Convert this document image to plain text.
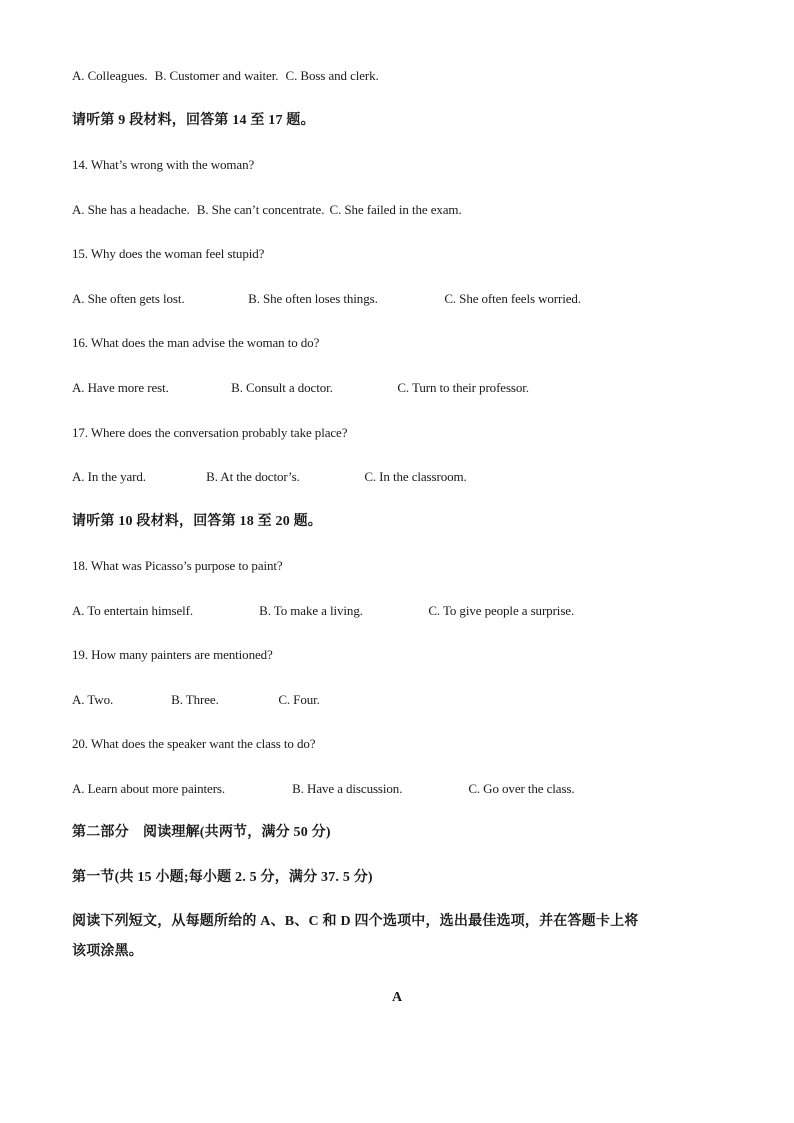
A. Colleagues. B. Customer and waiter. C. Boss and clerk.
请听第 9 段材料，回答第 14 至 17 题。
14. What’s wrong with the woman?
A. She has a headache. B. She can’t concentrate. C. She failed in the exam.
15. Why does the woman feel stupid?
A. She often gets lost.	B. She often loses things.	C. She often feels worried.
16. What does the man advise the woman to do?
A. Have more rest.	B. Consult a doctor.	C. Turn to their professor.
17. Where does the conversation probably take place?
A. In the yard.	B. At the doctor’s.	C. In the classroom.
请听第 10 段材料，回答第 18 至 20 题。
18. What was Picasso’s purpose to paint?
A. To entertain himself.	B. To make a living.	C. To give people a surprise.
19. How many painters are mentioned?
A. Two.	B. Three.	C. Four.
20. What does the speaker want the class to do?
A. Learn about more painters.	B. Have a discussion.	C. Go over the class.
第二部分　阅读理解(共两节，满分 50 分)
第一节(共 15 小题;每小题 2. 5 分，满分 37. 5 分)
阅读下列短文，从每题所给的 A、B、C 和 D 四个选项中，选出最佳选项，并在答题卡上将
该项涂黑。
A
